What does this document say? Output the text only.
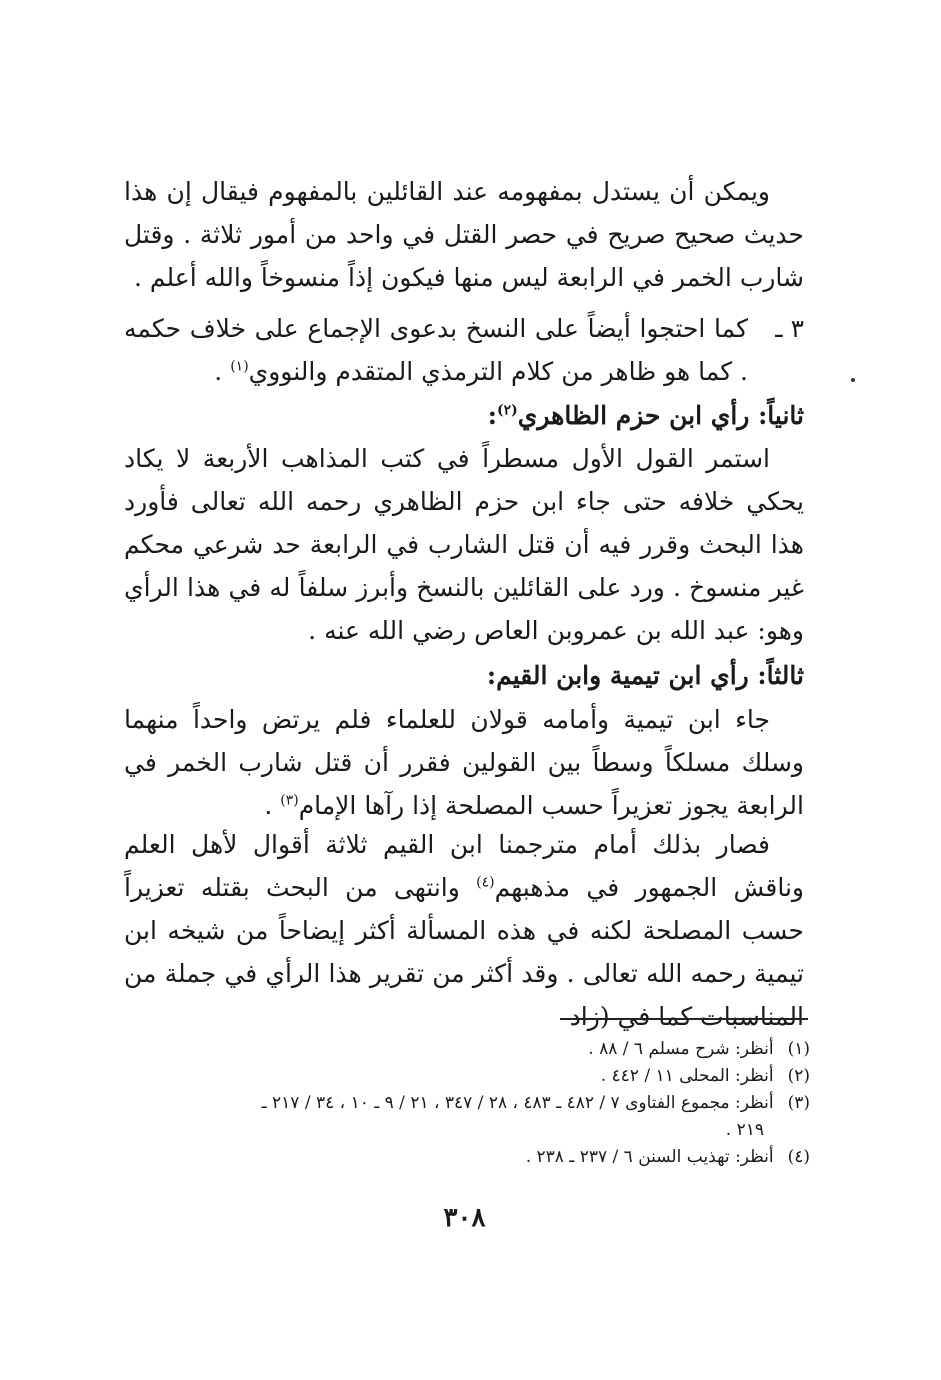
ويمكن أن يستدل بمفهومه عند القائلين بالمفهوم فيقال إن هذا حديث صحيح صريح في حصر القتل في واحد من أمور ثلاثة . وقتل شارب الخمر في الرابعة ليس منها فيكون إذاً منسوخاً والله أعلم .
٣ ـ
كما احتجوا أيضاً على النسخ بدعوى الإجماع على خلاف حكمه . كما هو ظاهر من كلام الترمذي المتقدم والنووي$^{(١)}$ .
ثانياً: رأي ابن حزم الظاهري$^{(٢)}$:
استمر القول الأول مسطراً في كتب المذاهب الأربعة لا يكاد يحكي خلافه حتى جاء ابن حزم الظاهري رحمه الله تعالى فأورد هذا البحث وقرر فيه أن قتل الشارب في الرابعة حد شرعي محكم غير منسوخ . ورد على القائلين بالنسخ وأبرز سلفاً له في هذا الرأي وهو: عبد الله بن عمروبن العاص رضي الله عنه .
ثالثاً: رأي ابن تيمية وابن القيم:
جاء ابن تيمية وأمامه قولان للعلماء فلم يرتض واحداً منهما وسلك مسلكاً وسطاً بين القولين فقرر أن قتل شارب الخمر في الرابعة يجوز تعزيراً حسب المصلحة إذا رآها الإمام$^{(٣)}$ .
فصار بذلك أمام مترجمنا ابن القيم ثلاثة أقوال لأهل العلم وناقش الجمهور في مذهبهم$^{(٤)}$ وانتهى من البحث بقتله تعزيراً حسب المصلحة لكنه في هذه المسألة أكثر إيضاحاً من شيخه ابن تيمية رحمه الله تعالى . وقد أكثر من تقرير هذا الرأي في جملة من المناسبات كما في (زاد
(١)أنظر: شرح مسلم ٦ / ٨٨ .
(٢)أنظر: المحلى ١١ / ٤٤٢ .
(٣)أنظر: مجموع الفتاوى ٧ / ٤٨٢ ـ ٤٨٣ ، ٢٨ / ٣٤٧ ، ٢١ / ٩ ـ ١٠ ، ٣٤ / ٢١٧ ـ
٢١٩ .
(٤)أنظر: تهذيب السنن ٦ / ٢٣٧ ـ ٢٣٨ .
٣٠٨
